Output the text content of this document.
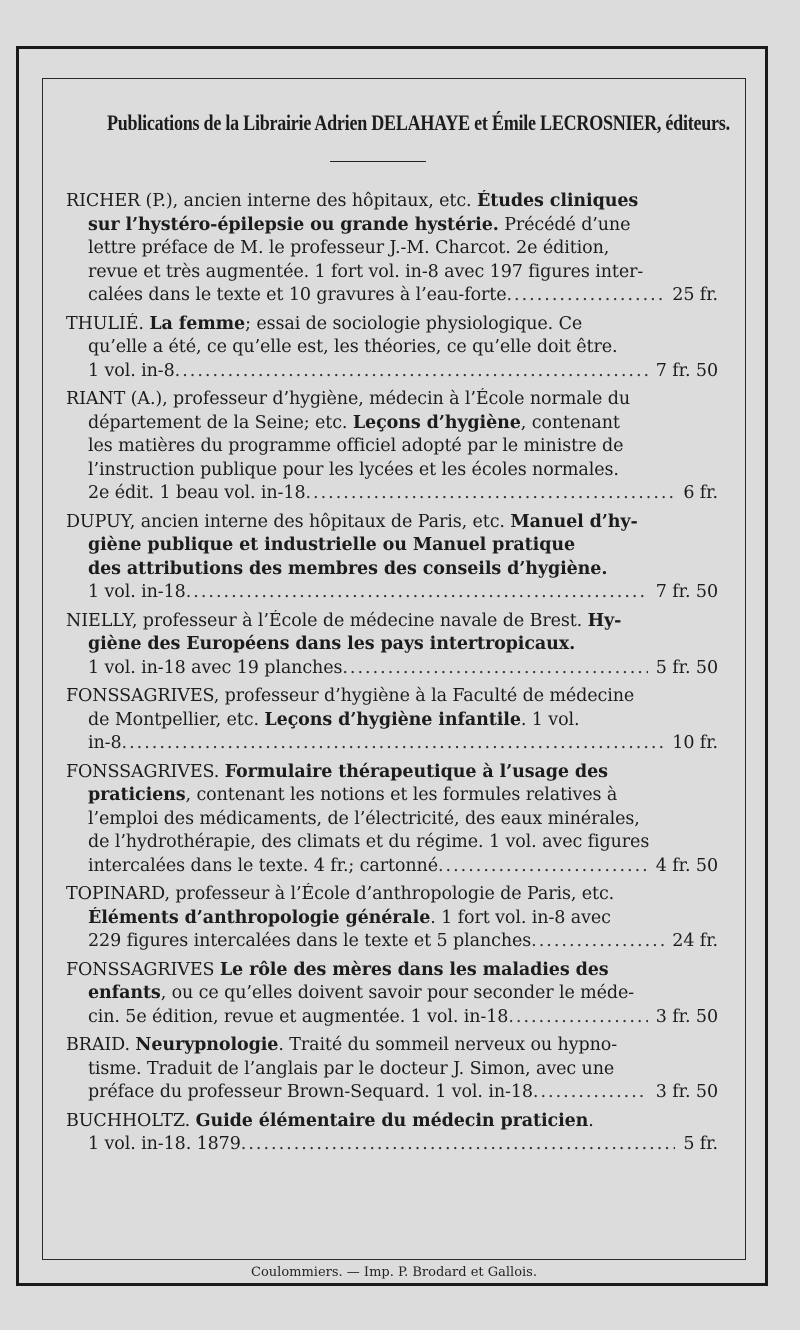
Publications de la Librairie Adrien DELAHAYE et Émile LECROSNIER, éditeurs.
RICHER (P.), ancien interne des hôpitaux, etc. Études cliniques
sur l’hystéro-épilepsie ou grande hystérie. Précédé d’une
lettre préface de M. le professeur J.-M. Charcot. 2e édition,
revue et très augmentée. 1 fort vol. in-8 avec 197 figures inter-
calées dans le texte et 10 gravures à l’eau-forte .....	25 fr.
THULIÉ. La femme; essai de sociologie physiologique. Ce
qu’elle a été, ce qu’elle est, les théories, ce qu’elle doit être.
1 vol. in-8 .....	7 fr. 50
RIANT (A.), professeur d’hygiène, médecin à l’École normale du
département de la Seine; etc. Leçons d’hygiène, contenant
les matières du programme officiel adopté par le ministre de
l’instruction publique pour les lycées et les écoles normales.
2e édit. 1 beau vol. in-18 .....	6 fr.
DUPUY, ancien interne des hôpitaux de Paris, etc. Manuel d’hy-
giène publique et industrielle ou Manuel pratique
des attributions des membres des conseils d’hygiène.
1 vol. in-18 .....	7 fr. 50
NIELLY, professeur à l’École de médecine navale de Brest. Hy-
giène des Européens dans les pays intertropicaux.
1 vol. in-18 avec 19 planches .....	5 fr. 50
FONSSAGRIVES, professeur d’hygiène à la Faculté de médecine
de Montpellier, etc. Leçons d’hygiène infantile. 1 vol.
in-8 .....	10 fr.
FONSSAGRIVES. Formulaire thérapeutique à l’usage des
praticiens, contenant les notions et les formules relatives à
l’emploi des médicaments, de l’électricité, des eaux minérales,
de l’hydrothérapie, des climats et du régime. 1 vol. avec figures
intercalées dans le texte. 4 fr.; cartonné .....	4 fr. 50
TOPINARD, professeur à l’École d’anthropologie de Paris, etc.
Éléments d’anthropologie générale. 1 fort vol. in-8 avec
229 figures intercalées dans le texte et 5 planches .....	24 fr.
FONSSAGRIVES Le rôle des mères dans les maladies des
enfants, ou ce qu’elles doivent savoir pour seconder le méde-
cin. 5e édition, revue et augmentée. 1 vol. in-18 .....	3 fr. 50
BRAID. Neurypnologie. Traité du sommeil nerveux ou hypno-
tisme. Traduit de l’anglais par le docteur J. Simon, avec une
préface du professeur Brown-Sequard. 1 vol. in-18 .....	3 fr. 50
BUCHHOLTZ. Guide élémentaire du médecin praticien.
1 vol. in-18. 1879 .....	5 fr.
Coulommiers. — Imp. P. Brodard et Gallois.
